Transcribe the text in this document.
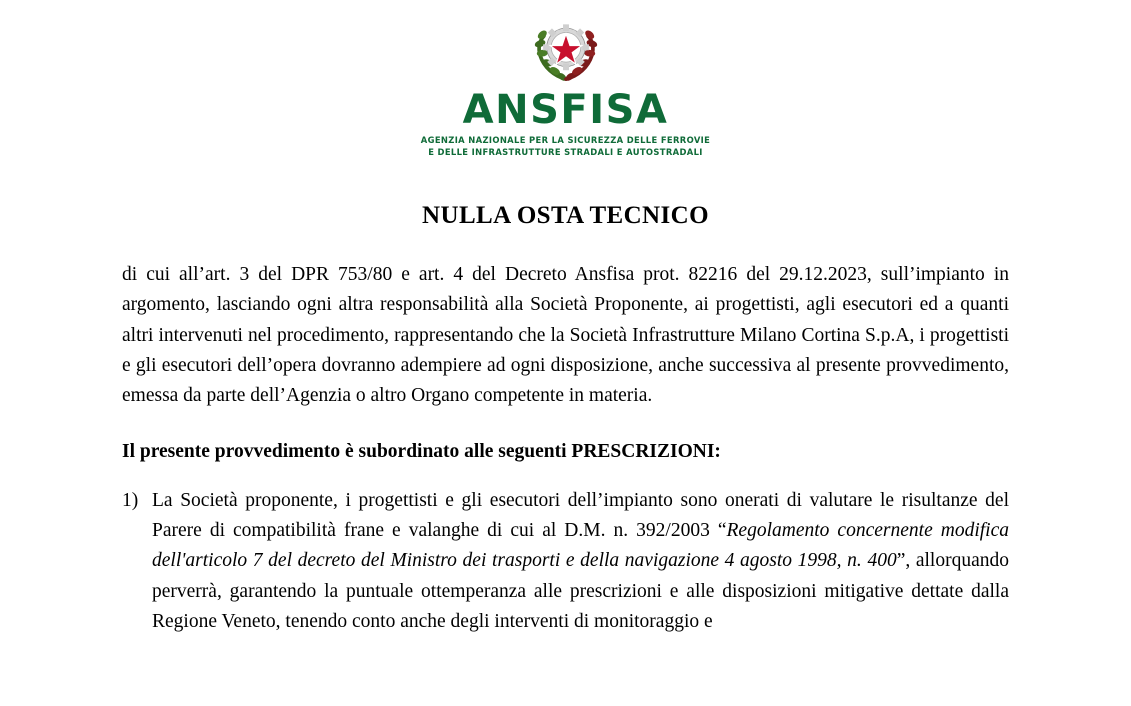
ANSFISA
AGENZIA NAZIONALE PER LA SICUREZZA DELLE FERROVIE
E DELLE INFRASTRUTTURE STRADALI E AUTOSTRADALI
NULLA OSTA TECNICO

di cui all’art. 3 del DPR 753/80 e art. 4 del Decreto Ansfisa prot. 82216 del 29.12.2023, sull’impianto in argomento, lasciando ogni altra responsabilità alla Società Proponente, ai progettisti, agli esecutori ed a quanti altri intervenuti nel procedimento, rappresentando che la Società Infrastrutture Milano Cortina S.p.A, i progettisti e gli esecutori dell’opera dovranno adempiere ad ogni disposizione, anche successiva al presente provvedimento, emessa da parte dell’Agenzia o altro Organo competente in materia.

Il presente provvedimento è subordinato alle seguenti PRESCRIZIONI:

1) La Società proponente, i progettisti e gli esecutori dell’impianto sono onerati di valutare le risultanze del Parere di compatibilità frane e valanghe di cui al D.M. n. 392/2003 “Regolamento concernente modifica dell'articolo 7 del decreto del Ministro dei trasporti e della navigazione 4 agosto 1998, n. 400”, allorquando perverrà, garantendo la puntuale ottemperanza alle prescrizioni e alle disposizioni mitigative dettate dalla Regione Veneto, tenendo conto anche degli interventi di monitoraggio e
